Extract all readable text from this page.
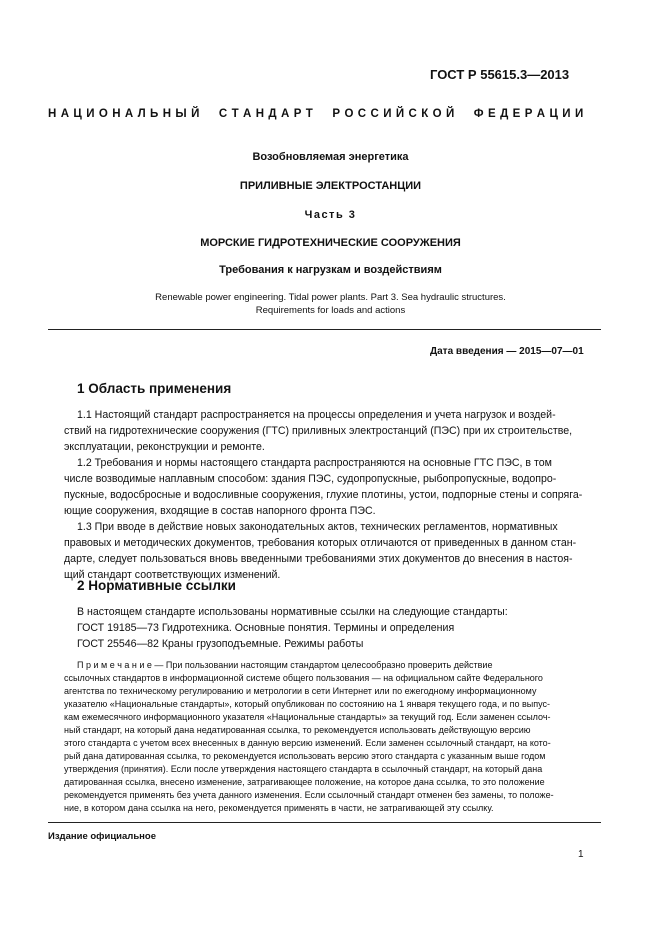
ГОСТ Р 55615.3—2013
Н А Ц И О Н А Л Ь Н Ы Й     С Т А Н Д А Р Т     Р О С С И Й С К О Й     Ф Е Д Е Р А Ц И И
Возобновляемая энергетика
ПРИЛИВНЫЕ ЭЛЕКТРОСТАНЦИИ
Часть 3
МОРСКИЕ ГИДРОТЕХНИЧЕСКИЕ СООРУЖЕНИЯ
Требования к нагрузкам и воздействиям
Renewable power engineering. Tidal power plants. Part 3. Sea hydraulic structures.
Requirements for loads and actions
Дата введения — 2015—07—01
1 Область применения
1.1 Настоящий стандарт распространяется на процессы определения и учета нагрузок и воздей-
ствий на гидротехнические сооружения (ГТС) приливных электростанций (ПЭС) при их строительстве,
эксплуатации, реконструкции и ремонте.
1.2 Требования и нормы настоящего стандарта распространяются на основные ГТС ПЭС, в том
числе возводимые наплавным способом: здания ПЭС, судопропускные, рыбопропускные, водопро-
пускные, водосбросные и водосливные сооружения, глухие плотины, устои, подпорные стены и сопряга-
ющие сооружения, входящие в состав напорного фронта ПЭС.
1.3 При вводе в действие новых законодательных актов, технических регламентов, нормативных
правовых и методических документов, требования которых отличаются от приведенных в данном стан-
дарте, следует пользоваться вновь введенными требованиями этих документов до внесения в настоя-
щий стандарт соответствующих изменений.
2 Нормативные ссылки
В настоящем стандарте использованы нормативные ссылки на следующие стандарты:
ГОСТ 19185—73 Гидротехника. Основные понятия. Термины и определения
ГОСТ 25546—82 Краны грузоподъемные. Режимы работы
П р и м е ч а н и е — При пользовании настоящим стандартом целесообразно проверить действие
ссылочных стандартов в информационной системе общего пользования — на официальном сайте Федерального
агентства по техническому регулированию и метрологии в сети Интернет или по ежегодному информационному
указателю «Национальные стандарты», который опубликован по состоянию на 1 января текущего года, и по выпус-
кам ежемесячного информационного указателя «Национальные стандарты» за текущий год. Если заменен ссылоч-
ный стандарт, на который дана недатированная ссылка, то рекомендуется использовать действующую версию
этого стандарта с учетом всех внесенных в данную версию изменений. Если заменен ссылочный стандарт, на кото-
рый дана датированная ссылка, то рекомендуется использовать версию этого стандарта с указанным выше годом
утверждения (принятия). Если после утверждения настоящего стандарта в ссылочный стандарт, на который дана
датированная ссылка, внесено изменение, затрагивающее положение, на которое дана ссылка, то это положение
рекомендуется применять без учета данного изменения. Если ссылочный стандарт отменен без замены, то положе-
ние, в котором дана ссылка на него, рекомендуется применять в части, не затрагивающей эту ссылку.
Издание официальное
1
